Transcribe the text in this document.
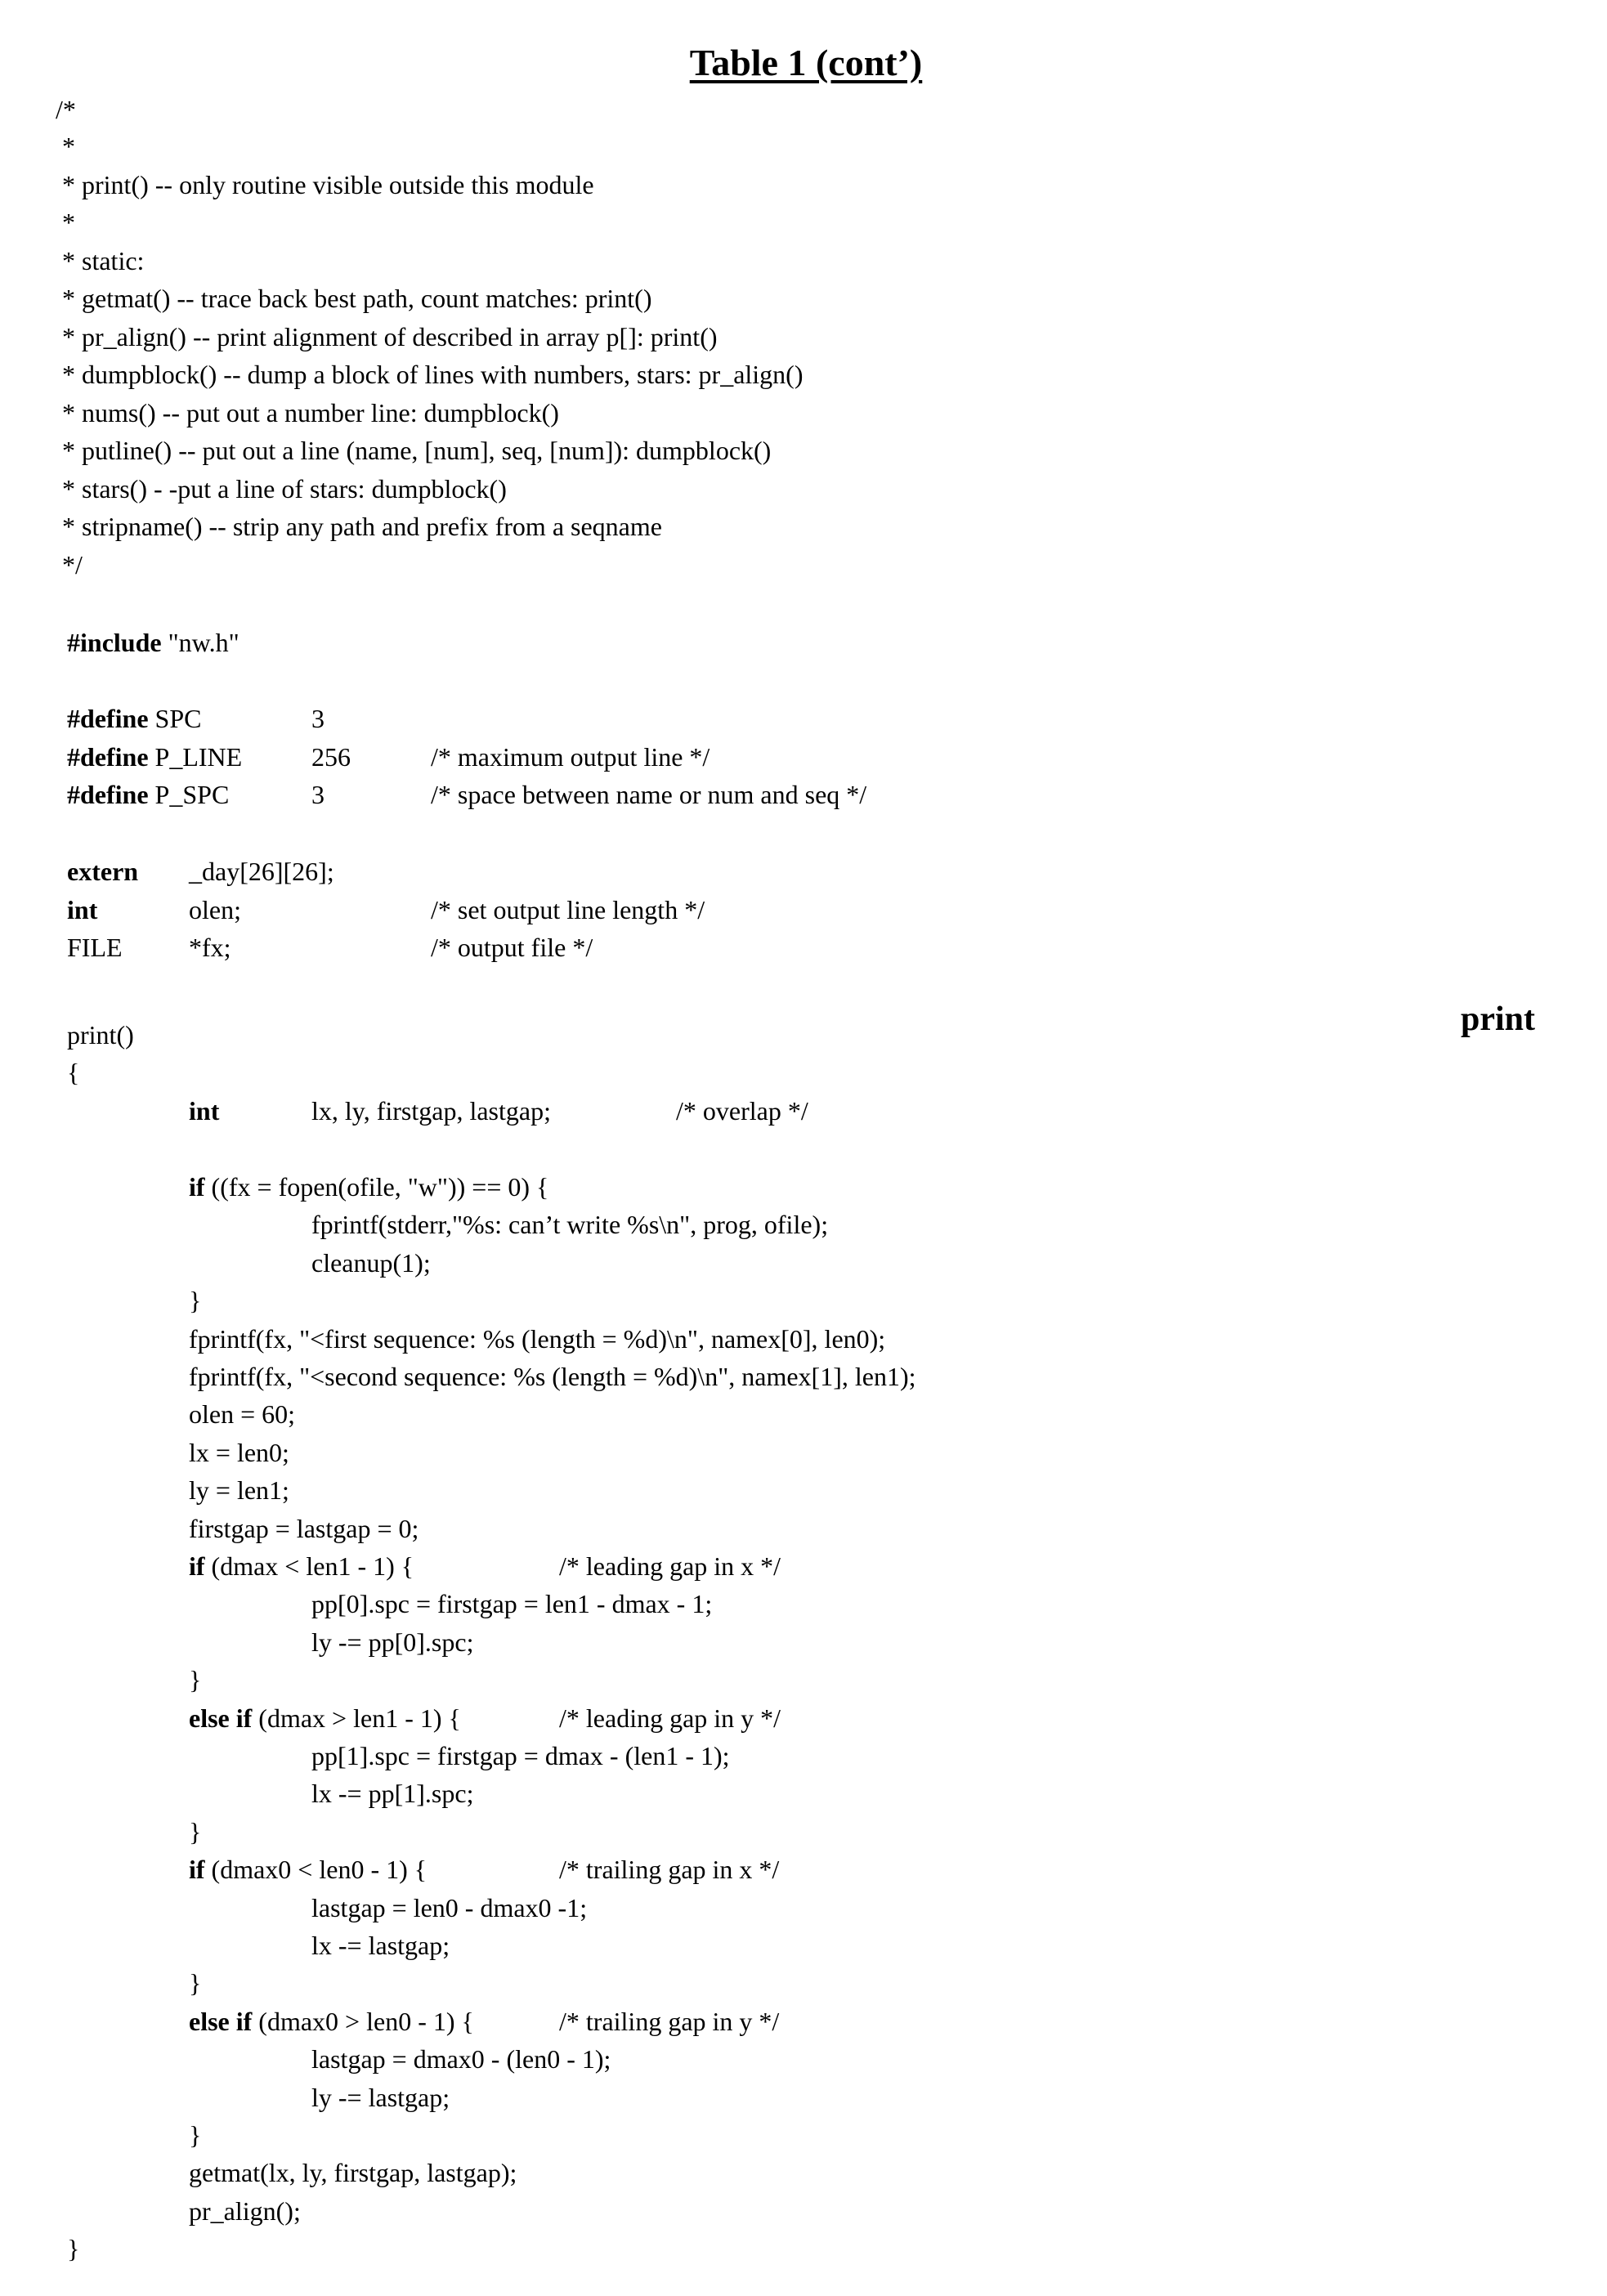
Table 1 (cont’)
print
/*
*
* print() -- only routine visible outside this module
*
* static:
* getmat() -- trace back best path, count matches: print()
* pr_align() -- print alignment of described in array p[]: print()
* dumpblock() -- dump a block of lines with numbers, stars: pr_align()
* nums() -- put out a number line: dumpblock()
* putline() -- put out a line (name, [num], seq, [num]): dumpblock()
* stars() - -put a line of stars: dumpblock()
* stripname() -- strip any path and prefix from a seqname
*/
#include "nw.h"
#define SPC	3
#define P_LINE	256	/* maximum output line */
#define P_SPC	3	/* space between name or num and seq */
extern _day[26][26];
int	olen;	/* set output line length */
FILE	*fx;	/* output file */
print()
{
int	lx, ly, firstgap, lastgap;	/* overlap */
if ((fx = fopen(ofile, "w")) == 0) {
fprintf(stderr,"%s: can’t write %s\n", prog, ofile);
cleanup(1);
}
fprintf(fx, "<first sequence: %s (length = %d)\n", namex[0], len0);
fprintf(fx, "<second sequence: %s (length = %d)\n", namex[1], len1);
olen = 60;
lx = len0;
ly = len1;
firstgap = lastgap = 0;
if (dmax < len1 - 1) {	/* leading gap in x */
pp[0].spc = firstgap = len1 - dmax - 1;
ly -= pp[0].spc;
}
else if (dmax > len1 - 1) {	/* leading gap in y */
pp[1].spc = firstgap = dmax - (len1 - 1);
lx -= pp[1].spc;
}
if (dmax0 < len0 - 1) {	/* trailing gap in x */
lastgap = len0 - dmax0 -1;
lx -= lastgap;
}
else if (dmax0 > len0 - 1) {	/* trailing gap in y */
lastgap = dmax0 - (len0 - 1);
ly -= lastgap;
}
getmat(lx, ly, firstgap, lastgap);
pr_align();
}
